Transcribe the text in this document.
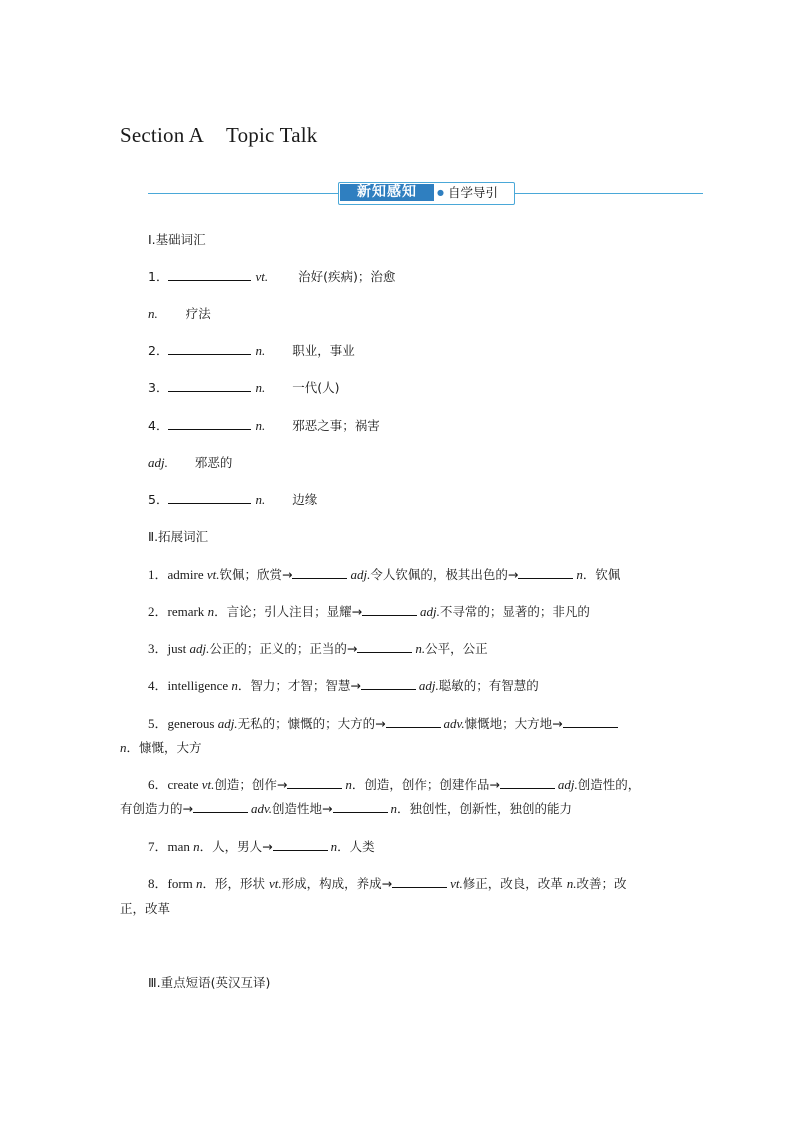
Section A Topic Talk
新知感知	● 自学导引
Ⅰ.基础词汇
1．	vt. 治好(疾病)；治愈
n. 疗法
2．	n. 职业，事业
3．	n. 一代(人)
4．	n. 邪恶之事；祸害
adj. 邪恶的
5．	n. 边缘
Ⅱ.拓展词汇
1．admire vt.钦佩；欣赏→	adj.令人钦佩的，极其出色的→	n．钦佩
2．remark n．言论；引人注目；显耀→	adj.不寻常的；显著的；非凡的
3．just adj.公正的；正义的；正当的→	n.公平，公正
4．intelligence n．智力；才智；智慧→	adj.聪敏的；有智慧的
5．generous adj.无私的；慷慨的；大方的→	adv.慷慨地；大方地→
n．慷慨，大方
6．create vt.创造；创作→	n．创造，创作；创建作品→	adj.创造性的，
有创造力的→	adv.创造性地→	n．独创性，创新性，独创的能力
7．man n．人，男人→	n．人类
8．form n．形，形状 vt.形成，构成，养成→	vt.修正，改良，改革 n.改善；改
正，改革
Ⅲ.重点短语(英汉互译)
